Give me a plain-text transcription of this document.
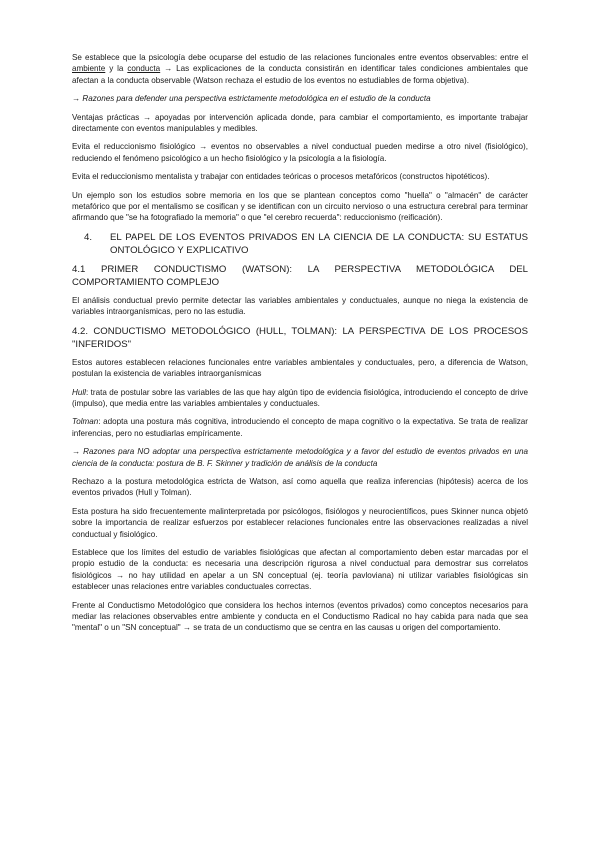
Se establece que la psicología debe ocuparse del estudio de las relaciones funcionales entre eventos observables: entre el ambiente y la conducta → Las explicaciones de la conducta consistirán en identificar tales condiciones ambientales que afectan a la conducta observable (Watson rechaza el estudio de los eventos no estudiables de forma objetiva).

→ Razones para defender una perspectiva estrictamente metodológica en el estudio de la conducta

Ventajas prácticas → apoyadas por intervención aplicada donde, para cambiar el comportamiento, es importante trabajar directamente con eventos manipulables y medibles.

Evita el reduccionismo fisiológico → eventos no observables a nivel conductual pueden medirse a otro nivel (fisiológico), reduciendo el fenómeno psicológico a un hecho fisiológico y la psicología a la fisiología.

Evita el reduccionismo mentalista y trabajar con entidades teóricas o procesos metafóricos (constructos hipotéticos).

Un ejemplo son los estudios sobre memoria en los que se plantean conceptos como "huella" o "almacén" de carácter metafórico que por el mentalismo se cosifican y se identifican con un circuito nervioso o una estructura cerebral para terminar afirmando que "se ha fotografiado la memoria" o que "el cerebro recuerda": reduccionismo (reificación).

4.	EL PAPEL DE LOS EVENTOS PRIVADOS EN LA CIENCIA DE LA CONDUCTA: SU ESTATUS ONTOLÓGICO Y EXPLICATIVO
4.1 PRIMER CONDUCTISMO (WATSON): LA PERSPECTIVA METODOLÓGICA DEL COMPORTAMIENTO COMPLEJO

El análisis conductual previo permite detectar las variables ambientales y conductuales, aunque no niega la existencia de variables intraorganísmicas, pero no las estudia.

4.2. CONDUCTISMO METODOLÓGICO (HULL, TOLMAN): LA PERSPECTIVA DE LOS PROCESOS "INFERIDOS"

Estos autores establecen relaciones funcionales entre variables ambientales y conductuales, pero, a diferencia de Watson, postulan la existencia de variables intraorganísmicas

Hull: trata de postular sobre las variables de las que hay algún tipo de evidencia fisiológica, introduciendo el concepto de drive (impulso), que media entre las variables ambientales y conductuales.

Tolman: adopta una postura más cognitiva, introduciendo el concepto de mapa cognitivo o la expectativa. Se trata de realizar inferencias, pero no estudiarlas empíricamente.

→ Razones para NO adoptar una perspectiva estrictamente metodológica y a favor del estudio de eventos privados en una ciencia de la conducta: postura de B. F. Skinner y tradición de análisis de la conducta

Rechazo a la postura metodológica estricta de Watson, así como aquella que realiza inferencias (hipótesis) acerca de los eventos privados (Hull y Tolman).

Esta postura ha sido frecuentemente malinterpretada por psicólogos, fisiólogos y neurocientíficos, pues Skinner nunca objetó sobre la importancia de realizar esfuerzos por establecer relaciones funcionales entre las observaciones realizadas a nivel conductual y fisiológico.

Establece que los límites del estudio de variables fisiológicas que afectan al comportamiento deben estar marcadas por el propio estudio de la conducta: es necesaria una descripción rigurosa a nivel conductual para demostrar sus correlatos fisiológicos → no hay utilidad en apelar a un SN conceptual (ej. teoría pavloviana) ni utilizar variables fisiológicas sin establecer unas relaciones entre variables conductuales correctas.

Frente al Conductismo Metodológico que considera los hechos internos (eventos privados) como conceptos necesarios para mediar las relaciones observables entre ambiente y conducta en el Conductismo Radical no hay cabida para nada que sea "mental" o un "SN conceptual" → se trata de un conductismo que se centra en las causas u origen del comportamiento.
